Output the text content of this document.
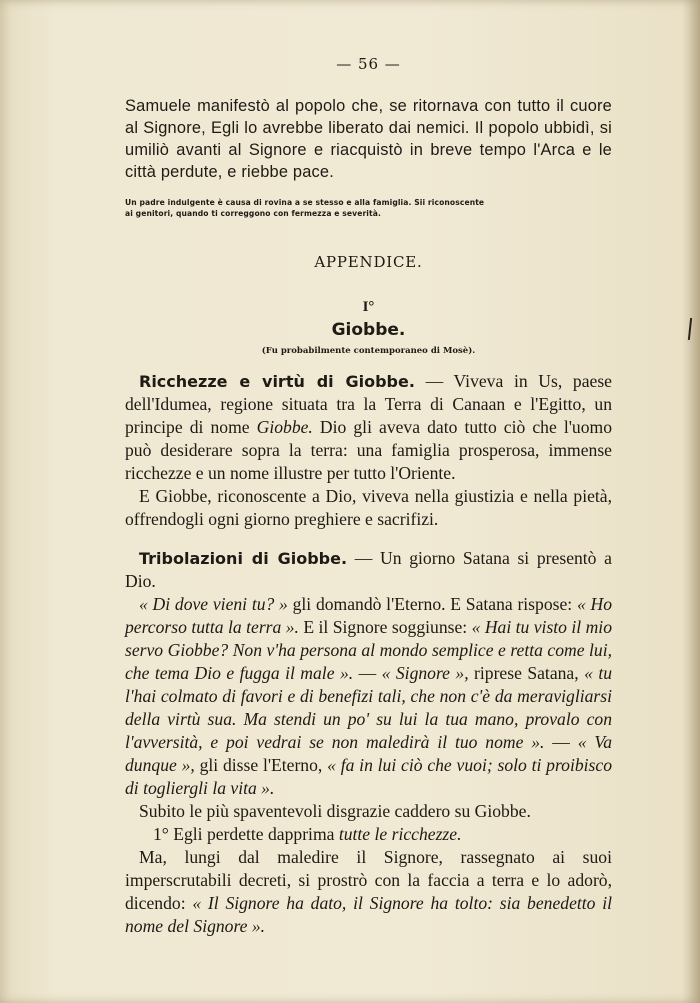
— 56 —

Samuele manifestò al popolo che, se ritornava con tutto il cuore al Signore, Egli lo avrebbe liberato dai nemici. Il popolo ubbidì, si umiliò avanti al Signore e riacquistò in breve tempo l'Arca e le città perdute, e riebbe pace.

Un padre indulgente è causa di rovina a se stesso e alla famiglia. Sii riconoscente
ai genitori, quando ti correggono con fermezza e severità.
APPENDICE.
I°
Giobbe.
(Fu probabilmente contemporaneo di Mosè).

Ricchezze e virtù di Giobbe. — Viveva in Us, paese dell'Idumea, regione situata tra la Terra di Canaan e l'Egitto, un principe di nome Giobbe. Dio gli aveva dato tutto ciò che l'uomo può desiderare sopra la terra: una famiglia prosperosa, immense ricchezze e un nome illustre per tutto l'Oriente.

E Giobbe, riconoscente a Dio, viveva nella giustizia e nella pietà, offrendogli ogni giorno preghiere e sacrifizi.

Tribolazioni di Giobbe. — Un giorno Satana si presentò a Dio.

« Di dove vieni tu? » gli domandò l'Eterno. E Satana rispose: « Ho percorso tutta la terra ». E il Signore soggiunse: « Hai tu visto il mio servo Giobbe? Non v'ha persona al mondo semplice e retta come lui, che tema Dio e fugga il male ». — « Signore », riprese Satana, « tu l'hai colmato di favori e di benefizi tali, che non c'è da meravigliarsi della virtù sua. Ma stendi un po' su lui la tua mano, provalo con l'avversità, e poi vedrai se non maledirà il tuo nome ». — « Va dunque », gli disse l'Eterno, « fa in lui ciò che vuoi; solo ti proibisco di togliergli la vita ».

Subito le più spaventevoli disgrazie caddero su Giobbe.

1° Egli perdette dapprima tutte le ricchezze.

Ma, lungi dal maledire il Signore, rassegnato ai suoi imperscrutabili decreti, si prostrò con la faccia a terra e lo adorò, dicendo: « Il Signore ha dato, il Signore ha tolto: sia benedetto il nome del Signore ».
